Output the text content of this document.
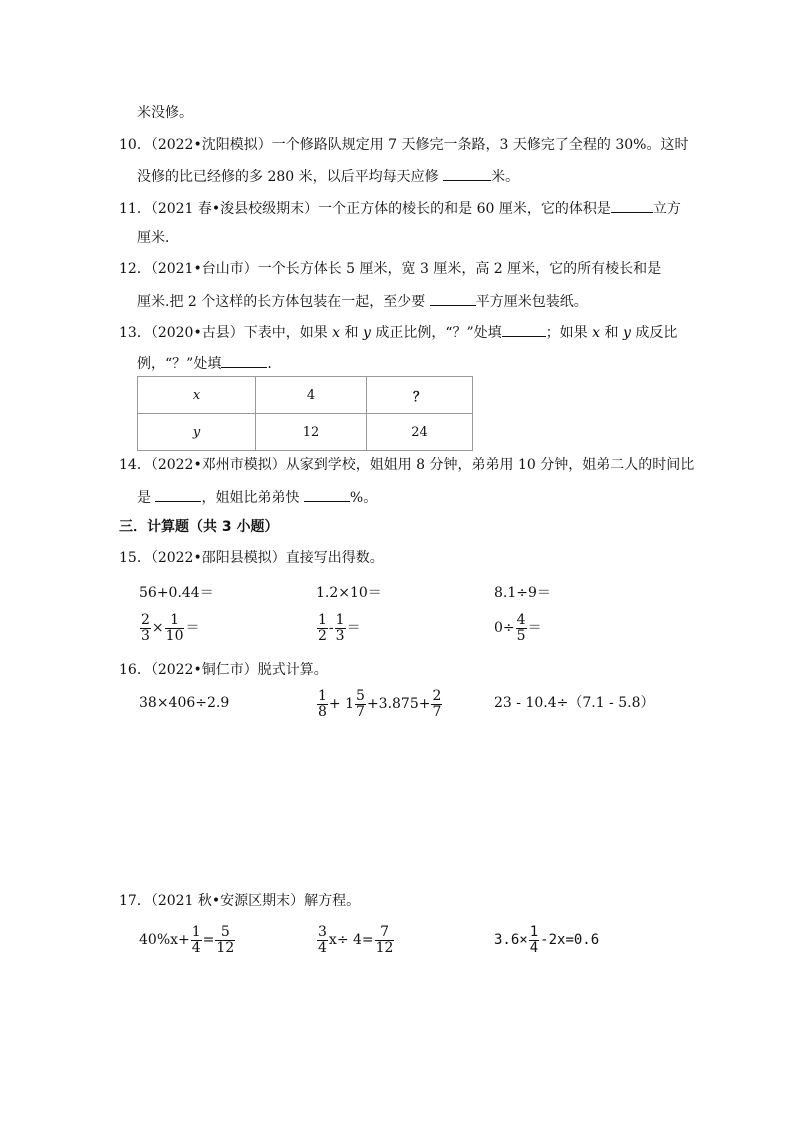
米没修。
10．（2022•沈阳模拟）一个修路队规定用 7 天修完一条路，3 天修完了全程的 30%。这时
没修的比已经修的多 280 米，以后平均每天应修	米。
11．（2021 春•浚县校级期末）一个正方体的棱长的和是 60 厘米，它的体积是	立方
厘米．
12．（2021•台山市）一个长方体长 5 厘米，宽 3 厘米，高 2 厘米，它的所有棱长和是
厘米.把 2 个这样的长方体包装在一起，至少要	平方厘米包装纸。
13．（2020•古县）下表中，如果 x 和 y 成正比例，“？”处填	；如果 x 和 y 成反比
例，“？”处填	.
x	4	？
y	12	24
14．（2022•邓州市模拟）从家到学校，姐姐用 8 分钟，弟弟用 10 分钟，姐弟二人的时间比
是	，姐姐比弟弟快	%。
三．计算题（共 3 小题）
15．（2022•邵阳县模拟）直接写出得数。
56+0.44＝	1.2×10＝	8.1÷9＝
$\frac{2}{3} \times \frac{1}{10}$ ＝	$\frac{1}{2} - \frac{1}{3}$ ＝	$0\div \frac{4}{5}$ ＝
16．（2022•铜仁市）脱式计算。
38×406÷2.9	$\frac{1}{8} + 1 \frac{5}{7} +3.875+ \frac{2}{7}$	23 - 10.4÷（7.1 - 5.8）
17．（2021 秋•安源区期末）解方程。
$40\%x+ \frac{1}{4} = \frac{5}{12}$	$\frac{3}{4} x\div 4= \frac{7}{12}$	$3.6\times \frac{1}{4} -2x=0.6$
